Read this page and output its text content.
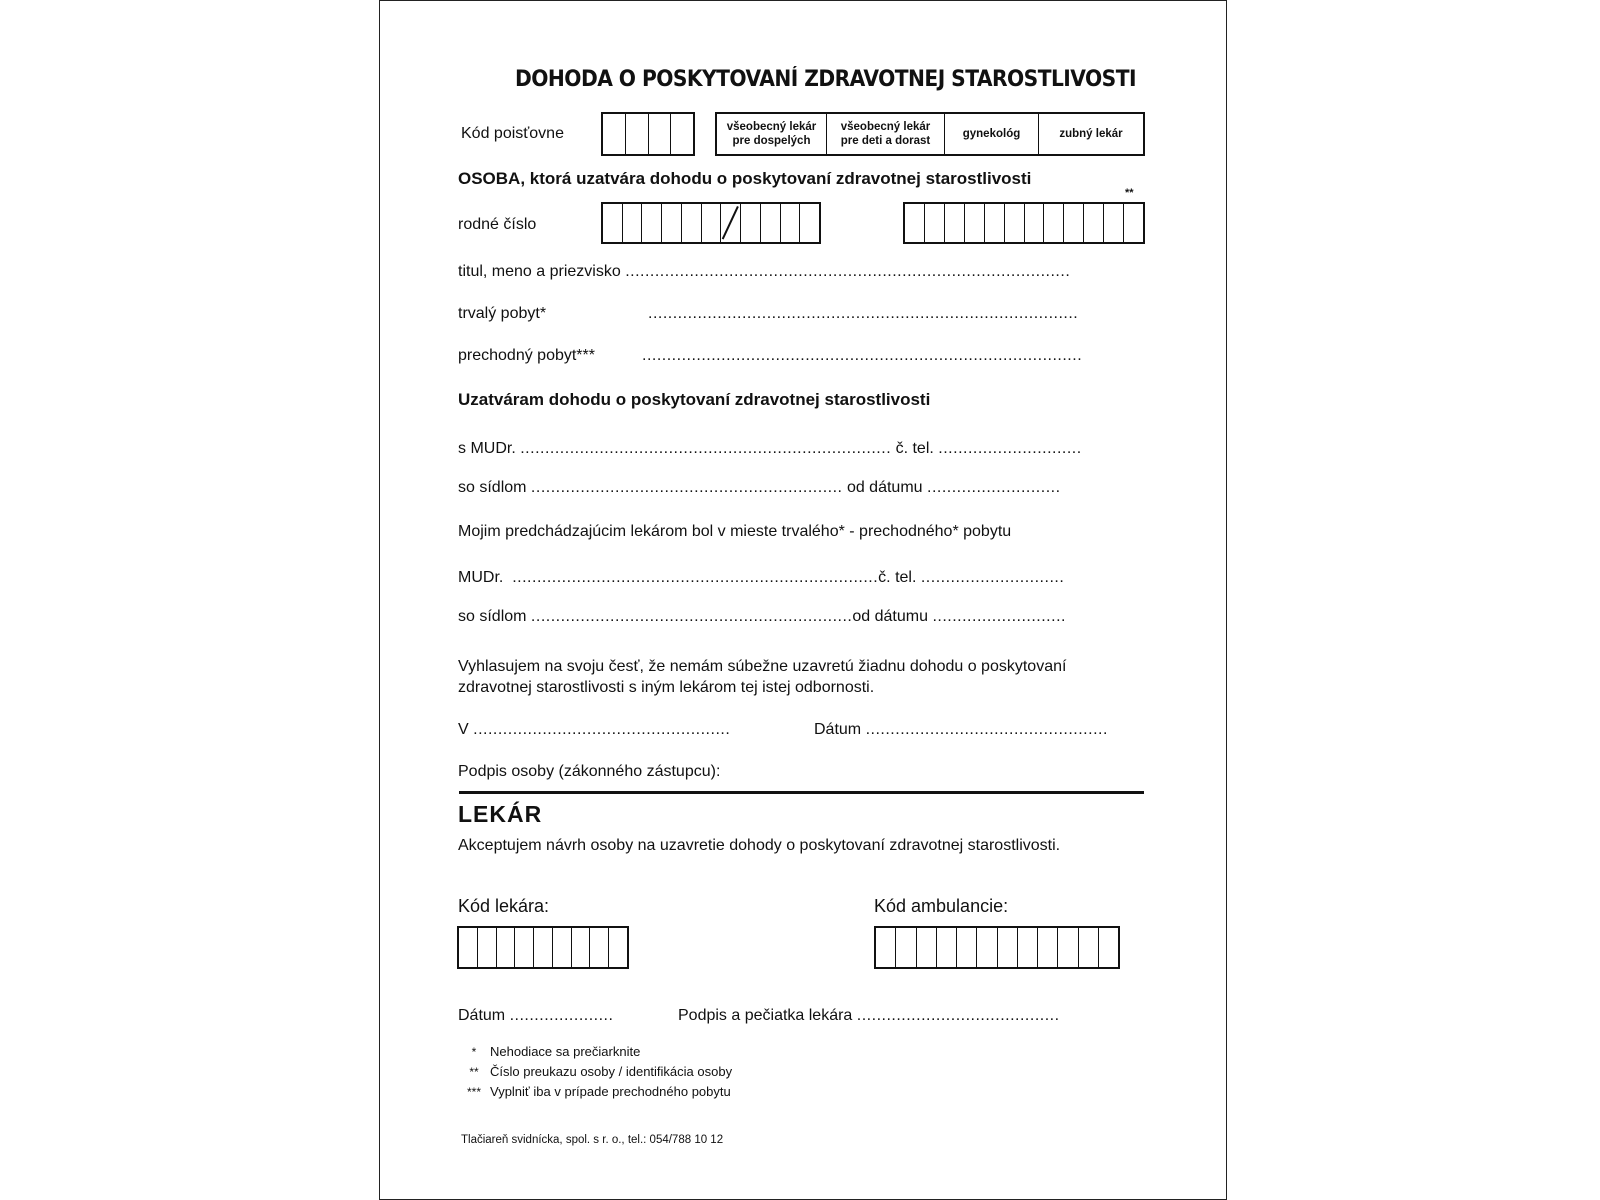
DOHODA O POSKYTOVANÍ ZDRAVOTNEJ STAROSTLIVOSTI
Kód poisťovne	všeobecný lekár
pre dospelých
všeobecný lekár
pre deti a dorast
gynekológ	zubný lekár
OSOBA, ktorá uzatvára dohodu o poskytovaní zdravotnej starostlivosti
**
rodné číslo
titul, meno a priezvisko ..........................................................................................
trvalý pobyt*	.......................................................................................
prechodný pobyt***	.........................................................................................
Uzatváram dohodu o poskytovaní zdravotnej starostlivosti
s MUDr. ........................................................................... č. tel. .............................
so sídlom ............................................................... od dátumu ...........................
Mojim predchádzajúcim lekárom bol v mieste trvalého* - prechodného* pobytu
MUDr. ..........................................................................č. tel. .............................
so sídlom .................................................................od dátumu ...........................
Vyhlasujem na svoju česť, že nemám súbežne uzavretú žiadnu dohodu o poskytovaní
zdravotnej starostlivosti s iným lekárom tej istej odbornosti.
V ....................................................	Dátum .................................................
Podpis osoby (zákonného zástupcu):
LEKÁR
Akceptujem návrh osoby na uzavretie dohody o poskytovaní zdravotnej starostlivosti.
Kód lekára:	Kód ambulancie:
Dátum .....................	Podpis a pečiatka lekára .........................................
* Nehodiace sa prečiarknite
** Číslo preukazu osoby / identifikácia osoby
*** Vyplniť iba v prípade prechodného pobytu
Tlačiareň svidnícka, spol. s r. o., tel.: 054/788 10 12
